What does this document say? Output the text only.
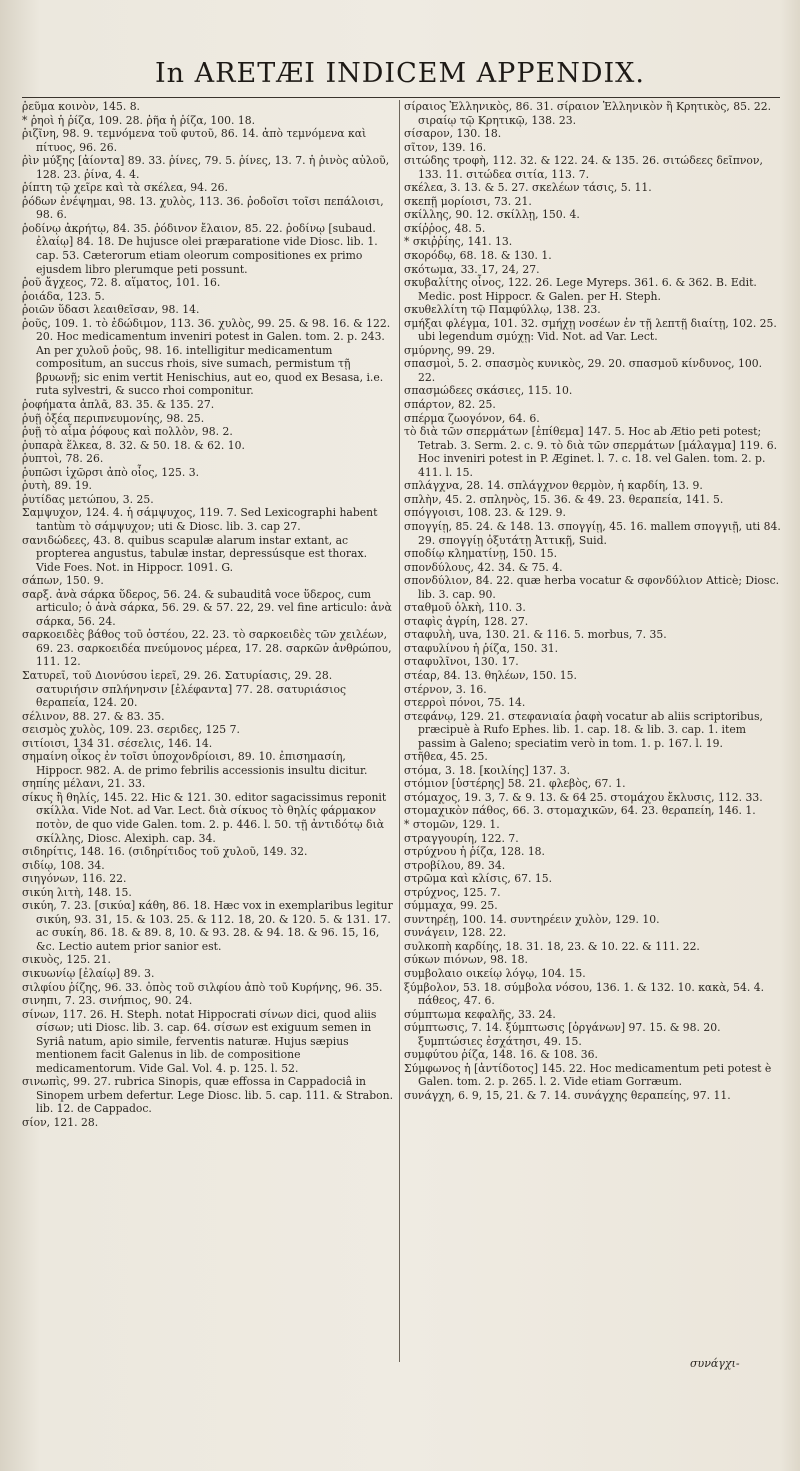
In ARETÆI INDICEM APPENDIX.
ῥεῦμα κοινὸν, 145. 8.
* ῥηοὶ ἡ ῥίζα, 109. 28. ῥῆα ἡ ῥίζα, 100. 18.
ῥιζῖνη, 98. 9. τεμνόμενα τοῦ φυτοῦ, 86. 14. ἀπὸ τεμνόμενα καὶ πίτυος, 96. 26.
ῥὶν μύξης [ἀίοντα] 89. 33. ῥίνες, 79. 5. ῥίνες, 13. 7. ἡ ῥινὸς αὐλοῦ, 128. 23. ῥίνα, 4. 4.
ῥίπτη τῷ χεῖρε καὶ τὰ σκέλεα, 94. 26.
ῥόδων ἐνέψημαι, 98. 13. χυλὸς, 113. 36. ῥοδοῖσι τοῖσι πεπάλοισι, 98. 6.
ῥοδίνῳ ἀκρήτῳ, 84. 35. ῥόδινον ἔλαιον, 85. 22. ῥοδίνῳ [subaud. ἐλαίῳ] 84. 18. De hujusce olei præparatione vide Diosc. lib. 1. cap. 53. Cæterorum etiam oleorum compositiones ex primo ejusdem libro plerumque peti possunt.
ῥοῦ ἄγχεος, 72. 8. αἵματος, 101. 16.
ῥοιάδα, 123. 5.
ῥοιῶν ὕδασι λεαιθεῖσαν, 98. 14.
ῥοῦς, 109. 1. τὸ ἐδώδιμον, 113. 36. χυλὸς, 99. 25. & 98. 16. & 122. 20. Hoc medicamentum inveniri potest in Galen. tom. 2. p. 243. An per χυλοῦ ῥοῦς, 98. 16. intelligitur medicamentum compositum, an succus rhois, sive sumach, permistum τῇ βρυωνῇ; sic enim vertit Henischius, aut eo, quod ex Besasa, i.e. ruta sylvestri, & succo rhoi componitur.
ῥοφήματα ἁπλᾶ, 83. 35. & 135. 27.
ῥυῇ ὀξέα περιπνευμονίης, 98. 25.
ῥυῇ τὸ αἷμα ῥόφους καὶ πολλὸν, 98. 2.
ῥυπαρὰ ἕλκεα, 8. 32. & 50. 18. & 62. 10.
ῥυπτοὶ, 78. 26.
ῥυπῶσι ἰχῶρσι ἀπὸ οἷος, 125. 3.
ῥυτὴ, 89. 19.
ῥυτίδας μετώπου, 3. 25.
Σαμψυχον, 124. 4. ἡ σάμψυχος, 119. 7. Sed Lexicographi habent tantùm τὸ σάμψυχον; uti & Diosc. lib. 3. cap 27.
σανιδώδεες, 43. 8. quibus scapulæ alarum instar extant, ac propterea angustus, tabulæ instar, depressúsque est thorax. Vide Foes. Not. in Hippocr. 1091. G.
σάπων, 150. 9.
σαρξ. ἀνὰ σάρκα ὕδερος, 56. 24. & subauditâ voce ὕδερος, cum articulo; ὁ ἀνὰ σάρκα, 56. 29. & 57. 22, 29. vel fine articulo: ἀνὰ σάρκα, 56. 24.
σαρκοειδὲς βάθος τοῦ ὀστέου, 22. 23. τὸ σαρκοειδὲς τῶν χειλέων, 69. 23. σαρκοειδέα πνεύμονος μέρεα, 17. 28. σαρκῶν ἀνθρώπου, 111. 12.
Σατυρεῖ, τοῦ Διονύσου ἱερεῖ, 29. 26. Σατυρίασις, 29. 28. σατυριήσιν σπλήνηνσιν [ἐλέφαντα] 77. 28. σατυριάσιος θεραπεία, 124. 20.
σέλινον, 88. 27. & 83. 35.
σεισμὸς χυλὸς, 109. 23. σεριδες, 125 7.
σιτίοισι, 134 31. σέσελις, 146. 14.
σημαίνη οἶκος ἐν τοῖσι ὑποχονδρίοισι, 89. 10. ἐπισημασίη, Hippocr. 982. A. de primo febrilis accessionis insultu dicitur.
σηπίης μέλανι, 21. 33.
σίκυς ἢ θηλίς, 145. 22. Hic & 121. 30. editor sagacissimus reponit σκίλλα. Vide Not. ad Var. Lect. διὰ σίκυος τὸ θηλίς φάρμακον ποτὸν, de quo vide Galen. tom. 2. p. 446. l. 50. τῇ ἀντιδότῳ διὰ σκίλλης, Diosc. Alexiph. cap. 34.
σιδηρίτις, 148. 16. (σιδηρίτιδος τοῦ χυλοῦ, 149. 32.
σιδίῳ, 108. 34.
σιηγόνων, 116. 22.
σικύη λιτὴ, 148. 15.
σικύη, 7. 23. [σικύα] κάθη, 86. 18. Hæc vox in exemplaribus legitur σικύη, 93. 31, 15. & 103. 25. & 112. 18, 20. & 120. 5. & 131. 17. ac συκίη, 86. 18. & 89. 8, 10. & 93. 28. & 94. 18. & 96. 15, 16, &c. Lectio autem prior sanior est.
σικυὸς, 125. 21.
σικυωνίῳ [ἐλαίῳ] 89. 3.
σιλφίου ῥίζης, 96. 33. ὀπὸς τοῦ σιλφίου ἀπὸ τοῦ Κυρήνης, 96. 35.
σινηπι, 7. 23. σινήπιος, 90. 24.
σίνων, 117. 26. H. Steph. notat Hippocrati σίνων dici, quod aliis σίσων; uti Diosc. lib. 3. cap. 64. σίσων est exiguum semen in Syriâ natum, apio simile, ferventis naturæ. Hujus sæpius mentionem facit Galenus in lib. de compositione medicamentorum. Vide Gal. Vol. 4. p. 125. l. 52.
σινωπὶς, 99. 27. rubrica Sinopis, quæ effossa in Cappadociâ in Sinopem urbem defertur. Lege Diosc. lib. 5. cap. 111. & Strabon. lib. 12. de Cappadoc.
σίον, 121. 28.
σίραιος Ἑλληνικὸς, 86. 31. σίραιον Ἑλληνικὸν ἢ Κρητικὸς, 85. 22. σιραίῳ τῷ Κρητικῷ, 138. 23.
σίσαρον, 130. 18.
σῖτον, 139. 16.
σιτώδης τροφὴ, 112. 32. & 122. 24. & 135. 26. σιτώδεες δεῖπνον, 133. 11. σιτώδεα σιτία, 113. 7.
σκέλεα, 3. 13. & 5. 27. σκελέων τάσις, 5. 11.
σκεπῇ μορίοισι, 73. 21.
σκίλλης, 90. 12. σκίλλῃ, 150. 4.
σκίῤῥος, 48. 5.
* σκιῤῥίης, 141. 13.
σκορόδῳ, 68. 18. & 130. 1.
σκότωμα, 33. 17, 24, 27.
σκυβαλίτης οἶνος, 122. 26. Lege Myreps. 361. 6. & 362. B. Edit. Medic. post Hippocr. & Galen. per H. Steph.
σκυθελλίτη τῷ Παμφύλλῳ, 138. 23.
σμήξαι φλέγμα, 101. 32. σμήχῃ νοσέων ἐν τῇ λεπτῇ διαίτῃ, 102. 25. ubi legendum σμύχῃ: Vid. Not. ad Var. Lect.
σμύρνης, 99. 29.
σπασμοὶ, 5. 2. σπασμὸς κυνικὸς, 29. 20. σπασμοῦ κίνδυνος, 100. 22.
σπασμώδεες σκάσιες, 115. 10.
σπάρτον, 82. 25.
σπέρμα ζωογόνον, 64. 6.
τὸ διὰ τῶν σπερμάτων [ἐπίθεμα] 147. 5. Hoc ab Ætio peti potest; Tetrab. 3. Serm. 2. c. 9. τὸ διὰ τῶν σπερμάτων [μάλαγμα] 119. 6. Hoc inveniri potest in P. Æginet. l. 7. c. 18. vel Galen. tom. 2. p. 411. l. 15.
σπλάγχνα, 28. 14. σπλάγχνον θερμὸν, ἡ καρδίη, 13. 9.
σπλὴν, 45. 2. σπληνὸς, 15. 36. & 49. 23. θεραπεία, 141. 5.
σπόγγοισι, 108. 23. & 129. 9.
σπογγίῃ, 85. 24. & 148. 13. σπογγίῃ, 45. 16. mallem σπογγιῇ, uti 84. 29. σπογγίῃ ὀξυτάτῃ Ἀττικῇ, Suid.
σποδίῳ κληματίνῃ, 150. 15.
σπονδύλους, 42. 34. & 75. 4.
σπονδύλιον, 84. 22. quæ herba vocatur & σφονδύλιον Atticè; Diosc. lib. 3. cap. 90.
σταθμοῦ ὁλκὴ, 110. 3.
σταφὶς ἀγρίη, 128. 27.
σταφυλὴ, uva, 130. 21. & 116. 5. morbus, 7. 35.
σταφυλίνου ἡ ῥίζα, 150. 31.
σταφυλῖνοι, 130. 17.
στέαρ, 84. 13. θηλέων, 150. 15.
στέρνον, 3. 16.
στερροὶ πόνοι, 75. 14.
στεφάνῳ, 129. 21. στεφανιαία ῥαφὴ vocatur ab aliis scriptoribus, præcipuè à Rufo Ephes. lib. 1. cap. 18. & lib. 3. cap. 1. item passim à Galeno; speciatim verò in tom. 1. p. 167. l. 19.
στῆθεα, 45. 25.
στόμα, 3. 18. [κοιλίης] 137. 3.
στόμιον [ὑστέρης] 58. 21. φλεβὸς, 67. 1.
στόμαχος, 19. 3, 7. & 9. 13. & 64 25. στομάχου ἔκλυσις, 112. 33.
στομαχικὸν πάθος, 66. 3. στομαχικῶν, 64. 23. θεραπείη, 146. 1.
* στομῶν, 129. 1.
στραγγουρίη, 122. 7.
στρύχνου ἡ ῥίζα, 128. 18.
στροβίλου, 89. 34.
στρῶμα καὶ κλίσις, 67. 15.
στρύχνος, 125. 7.
σύμμαχα, 99. 25.
συντηρέῃ, 100. 14. συντηρέειν χυλὸν, 129. 10.
συνάγειν, 128. 22.
συλκοπὴ καρδίης, 18. 31. 18, 23. & 10. 22. & 111. 22.
σύκων πιόνων, 98. 18.
συμβολαιο οικείῳ λόγῳ, 104. 15.
ξύμβολον, 53. 18. σύμβολα νόσου, 136. 1. & 132. 10. κακὰ, 54. 4. πάθεος, 47. 6.
σύμπτωμα κεφαλῆς, 33. 24.
σύμπτωσις, 7. 14. ξύμπτωσις [ὀργάνων] 97. 15. & 98. 20. ξυμπτώσιες ἐσχάτησι, 49. 15.
συμφύτου ῥίζα, 148. 16. & 108. 36.
Σύμφωνος ἡ [ἀντίδοτος] 145. 22. Hoc medicamentum peti potest è Galen. tom. 2. p. 265. l. 2. Vide etiam Gorræum.
συνάγχη, 6. 9, 15, 21. & 7. 14. συνάγχης θεραπείης, 97. 11.
συνάγχι-
